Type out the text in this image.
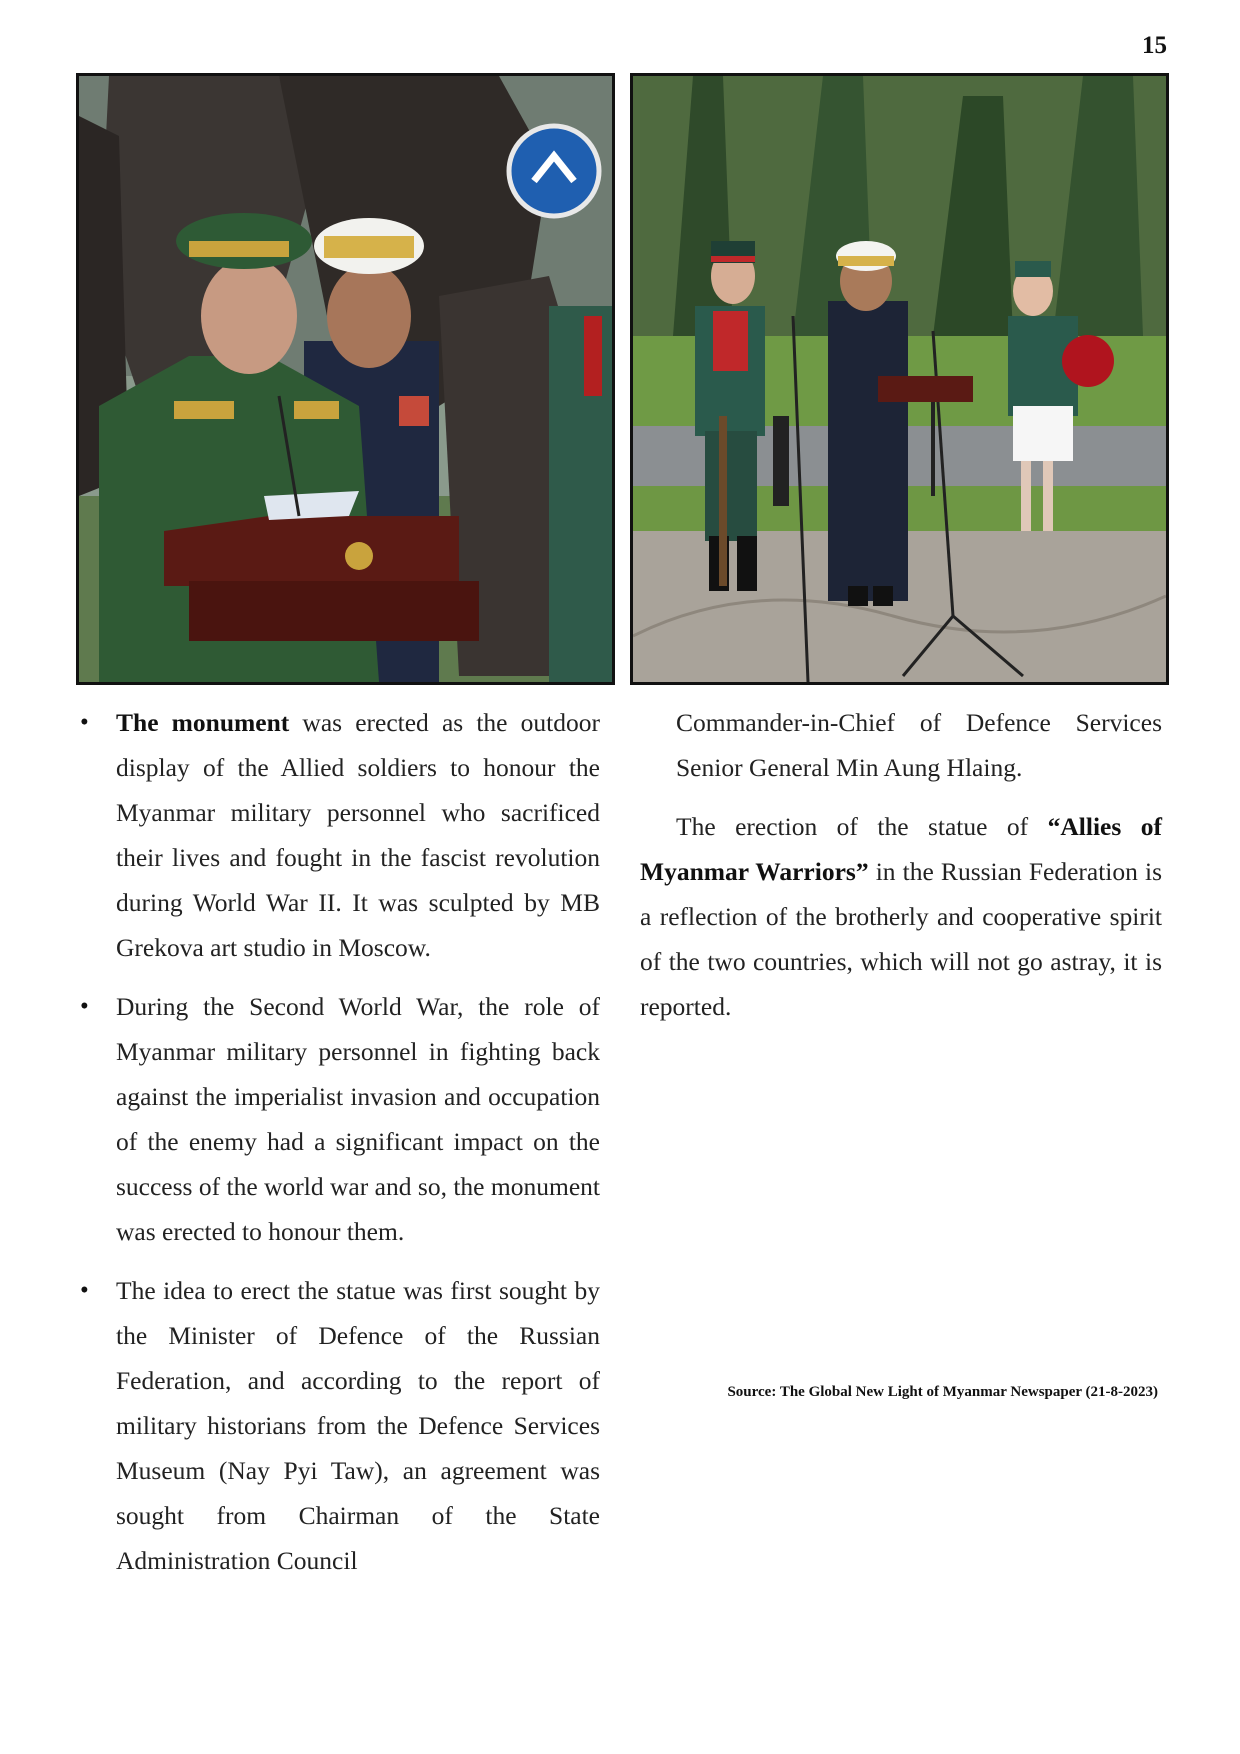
15
• The monument was erected as the outdoor display of the Allied soldiers to honour the Myanmar military personnel who sacrificed their lives and fought in the fascist revolution during World War II. It was sculpted by MB Grekova art studio in Moscow.
• During the Second World War, the role of Myanmar military personnel in fighting back against the imperialist invasion and occupation of the enemy had a significant impact on the success of the world war and so, the monument was erected to honour them.
• The idea to erect the statue was first sought by the Minister of Defence of the Russian Federation, and according to the report of military historians from the Defence Services Museum (Nay Pyi Taw), an agreement was sought from Chairman of the State Administration Council

Commander-in-Chief of Defence Services Senior General Min Aung Hlaing.

The erection of the statue of “Allies of Myanmar Warriors” in the Russian Federation is a reflection of the brotherly and cooperative spirit of the two countries, which will not go astray, it is reported.

Source: The Global New Light of Myanmar Newspaper (21-8-2023)
